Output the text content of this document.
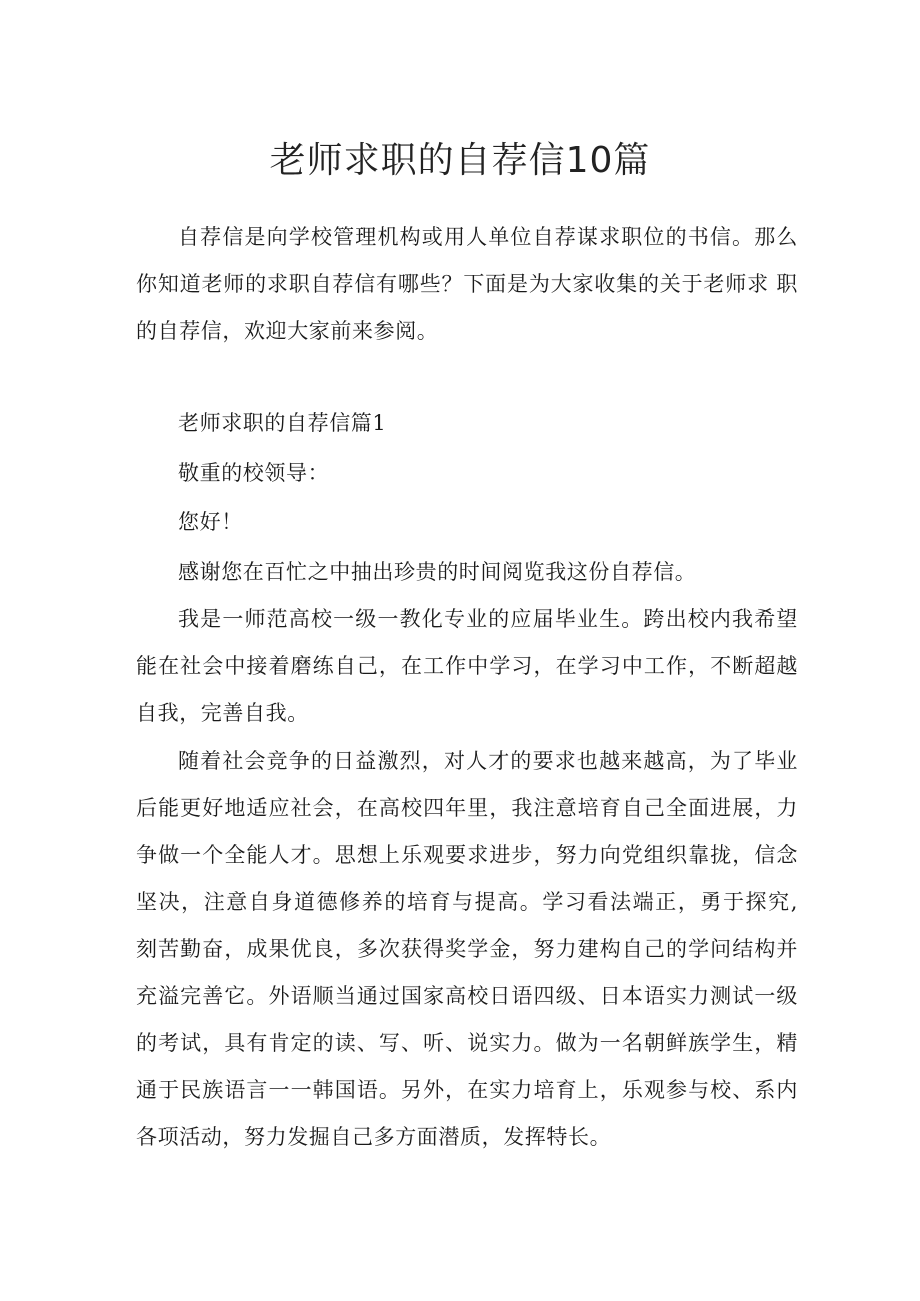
老师求职的自荐信10篇

自荐信是向学校管理机构或用人单位自荐谋求职位的书信。那么 你知道老师的求职自荐信有哪些？下面是为大家收集的关于老师求 职的自荐信，欢迎大家前来参阅。

老师求职的自荐信篇1

敬重的校领导：

您好！

感谢您在百忙之中抽出珍贵的时间阅览我这份自荐信。

我是一师范高校一级一教化专业的应届毕业生。跨出校内我希望 能在社会中接着磨练自己，在工作中学习，在学习中工作，不断超越 自我，完善自我。

随着社会竞争的日益激烈，对人才的要求也越来越高，为了毕业 后能更好地适应社会，在高校四年里，我注意培育自己全面进展，力 争做一个全能人才。思想上乐观要求进步，努力向党组织靠拢，信念 坚决，注意自身道德修养的培育与提高。学习看法端正，勇于探究, 刻苦勤奋，成果优良，多次获得奖学金，努力建构自己的学问结构并 充溢完善它。外语顺当通过国家高校日语四级、日本语实力测试一级 的考试，具有肯定的读、写、听、说实力。做为一名朝鲜族学生，精 通于民族语言一一韩国语。另外，在实力培育上，乐观参与校、系内 各项活动，努力发掘自己多方面潜质，发挥特长。
